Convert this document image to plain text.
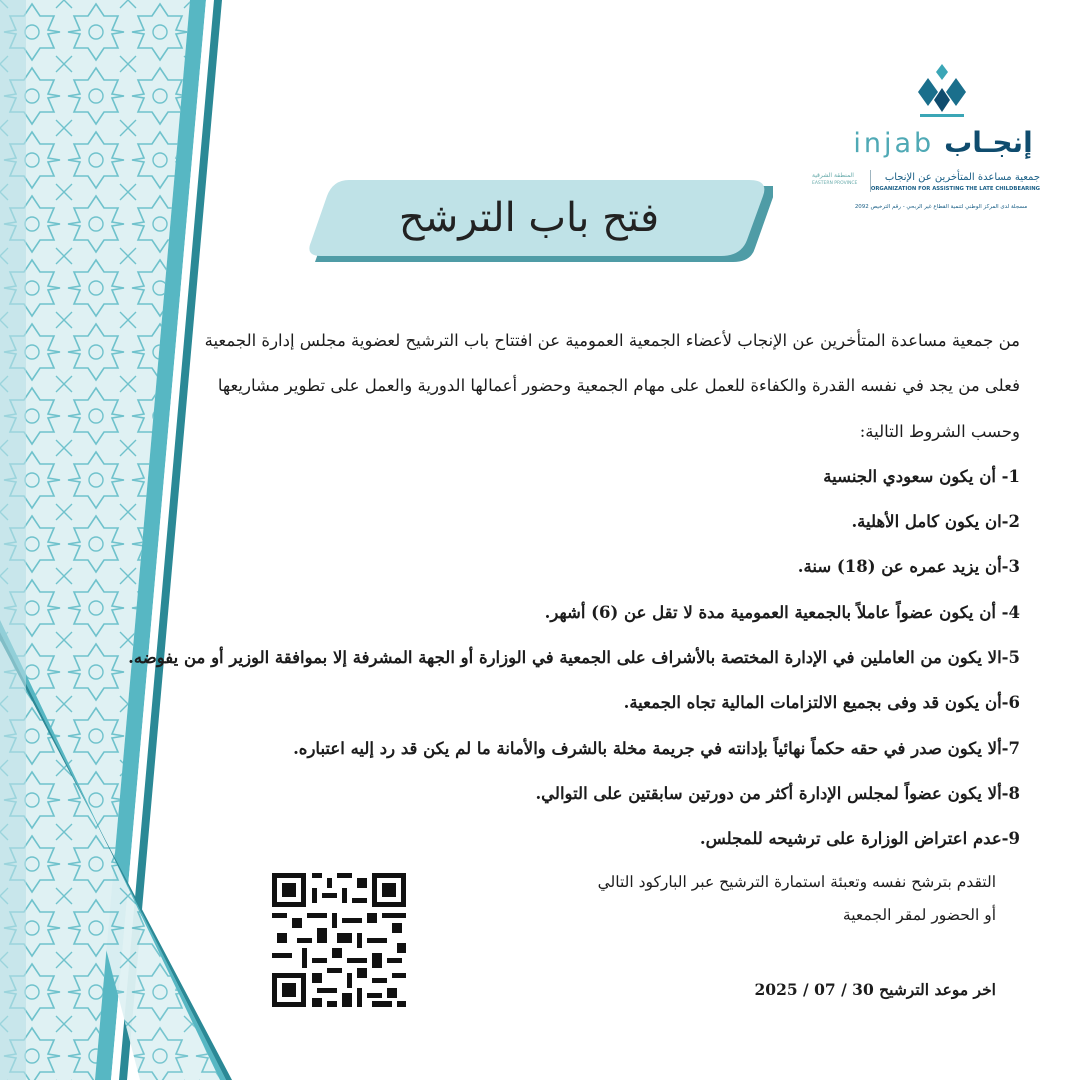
injab إنجـاب
المنطقة الشرقية
EASTERN PROVINCE
جمعية مساعدة المتأخرين عن الإنجاب
ORGANIZATION FOR ASSISTING THE LATE CHILDBEARING
مسجلة لدى المركز الوطني لتنمية القطاع غير الربحي - رقم الترخيص 2092
فتح باب الترشح
من جمعية مساعدة المتأخرين عن الإنجاب لأعضاء الجمعية العمومية عن افتتاح باب الترشيح لعضوية مجلس إدارة الجمعية
فعلى من يجد في نفسه القدرة والكفاءة للعمل على مهام الجمعية وحضور أعمالها الدورية والعمل على تطوير مشاريعها
وحسب الشروط التالية:
1- أن يكون سعودي الجنسية
2-ان يكون كامل الأهلية.
3-أن يزيد عمره عن (18) سنة.
4- أن يكون عضواً عاملاً بالجمعية العمومية مدة لا تقل عن (6) أشهر.
5-الا يكون من العاملين في الإدارة المختصة بالأشراف على الجمعية في الوزارة أو الجهة المشرفة إلا بموافقة الوزير أو من يفوضه.
6-أن يكون قد وفى بجميع الالتزامات المالية تجاه الجمعية.
7-ألا يكون صدر في حقه حكماً نهائياً بإدانته في جريمة مخلة بالشرف والأمانة ما لم يكن قد رد إليه اعتباره.
8-ألا يكون عضواً لمجلس الإدارة أكثر من دورتين سابقتين على التوالي.
9-عدم اعتراض الوزارة على ترشيحه للمجلس.
التقدم بترشح نفسه وتعبئة استمارة الترشيح عبر الباركود التالي
أو الحضور لمقر الجمعية
اخر موعد الترشيح 30 / 07 / 2025
